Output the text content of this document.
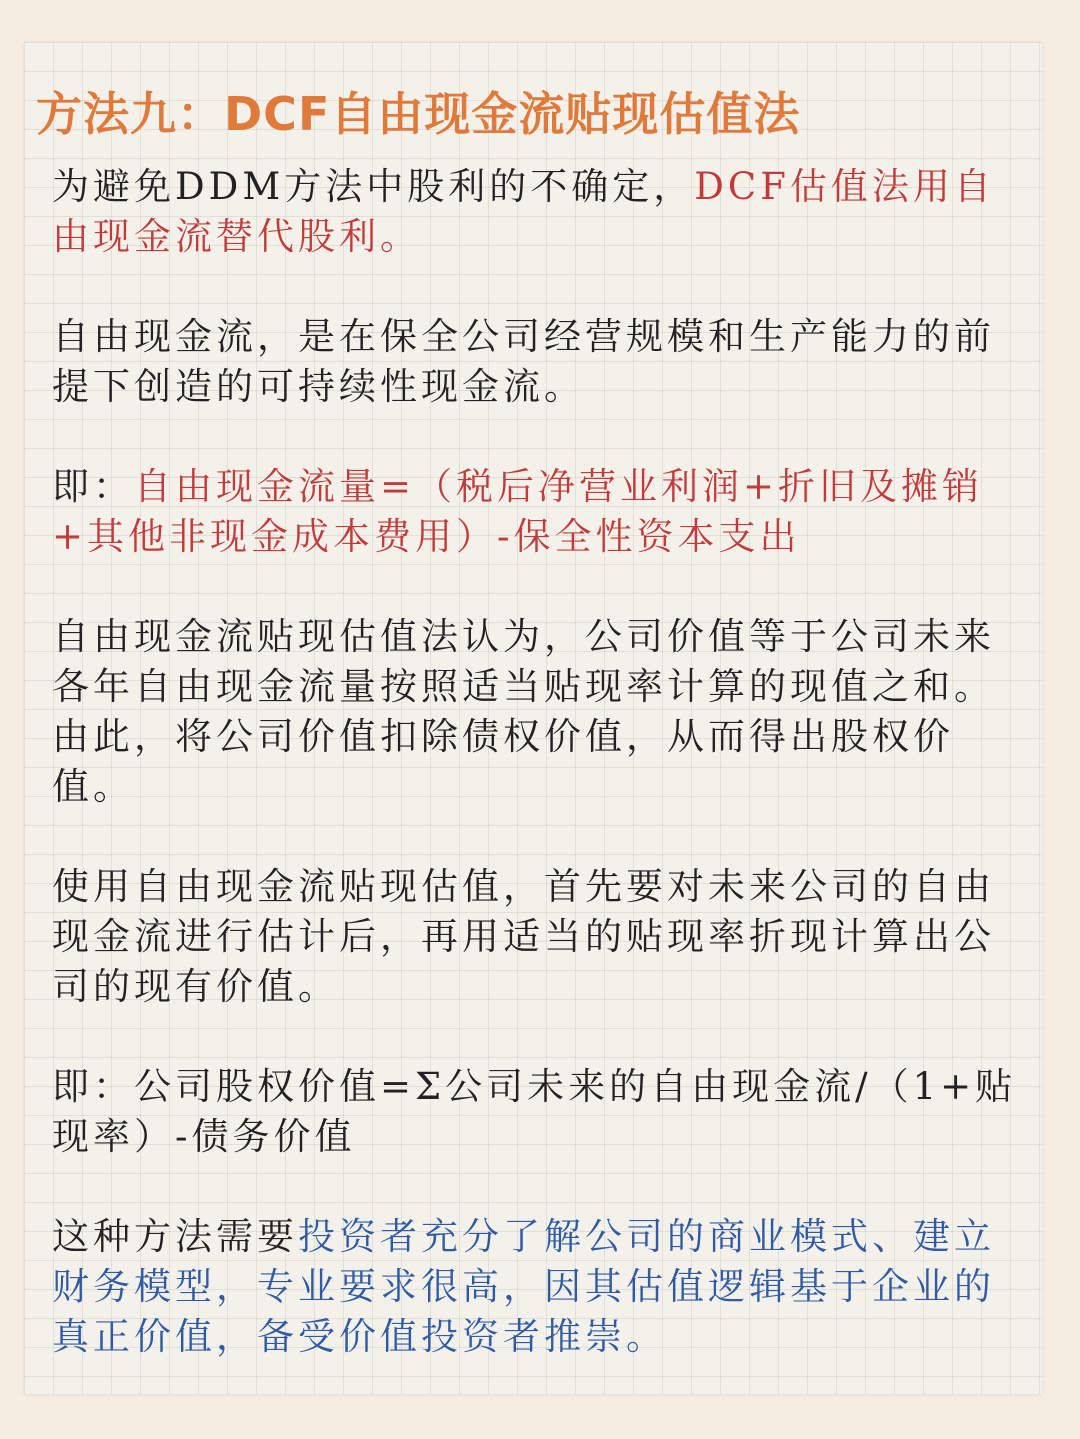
方法九：DCF自由现金流贴现估值法

为避免DDM方法中股利的不确定，DCF估值法用自由现金流替代股利。

自由现金流，是在保全公司经营规模和生产能力的前提下创造的可持续性现金流。

即：自由现金流量=（税后净营业利润+折旧及摊销+其他非现金成本费用）-保全性资本支出

自由现金流贴现估值法认为，公司价值等于公司未来各年自由现金流量按照适当贴现率计算的现值之和。由此，将公司价值扣除债权价值，从而得出股权价值。

使用自由现金流贴现估值，首先要对未来公司的自由现金流进行估计后，再用适当的贴现率折现计算出公司的现有价值。

即：公司股权价值=Σ公司未来的自由现金流/（1+贴现率）-债务价值

这种方法需要投资者充分了解公司的商业模式、建立财务模型，专业要求很高，因其估值逻辑基于企业的真正价值，备受价值投资者推崇。
